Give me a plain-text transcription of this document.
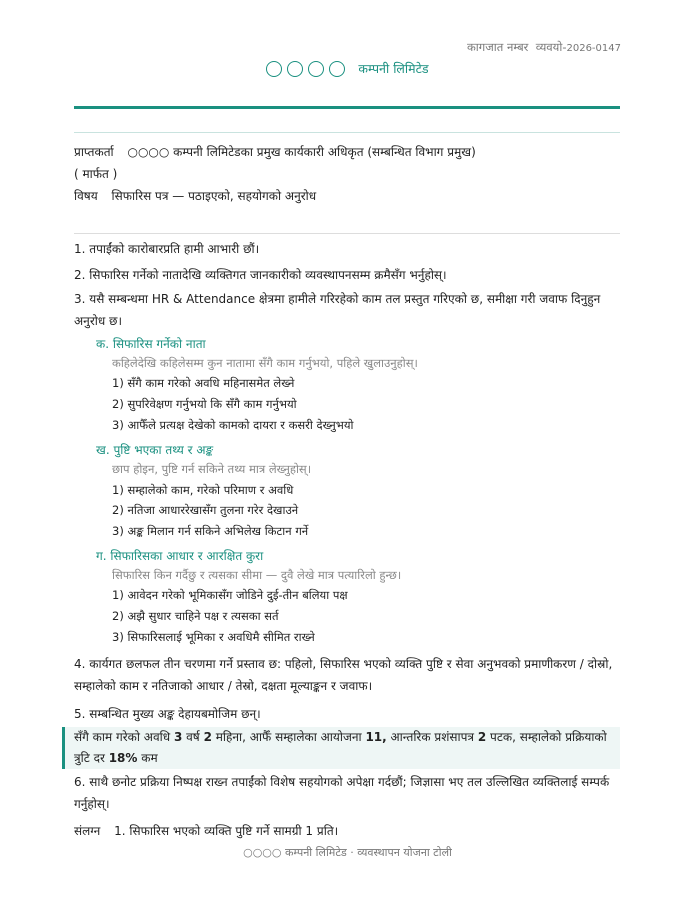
कागजात नम्बर व्यवयो-2026-0147
कम्पनी लिमिटेड
प्राप्तकर्ता ○○○○ कम्पनी लिमिटेडका प्रमुख कार्यकारी अधिकृत (सम्बन्धित विभाग प्रमुख)
( मार्फत )
विषय सिफारिस पत्र — पठाइएको, सहयोगको अनुरोध
1. तपाईंको कारोबारप्रति हामी आभारी छौं।
2. सिफारिस गर्नेको नातादेखि व्यक्तिगत जानकारीको व्यवस्थापनसम्म क्रमैसँग भर्नुहोस्।
3. यसै सम्बन्धमा HR & Attendance क्षेत्रमा हामीले गरिरहेको काम तल प्रस्तुत गरिएको छ, समीक्षा गरी जवाफ दिनुहुन अनुरोध छ।
क. सिफारिस गर्नेको नाता
कहिलेदेखि कहिलेसम्म कुन नातामा सँगै काम गर्नुभयो, पहिले खुलाउनुहोस्।
1) सँगै काम गरेको अवधि महिनासमेत लेख्ने
2) सुपरिवेक्षण गर्नुभयो कि सँगै काम गर्नुभयो
3) आफैँले प्रत्यक्ष देखेको कामको दायरा र कसरी देख्नुभयो
ख. पुष्टि भएका तथ्य र अङ्क
छाप होइन, पुष्टि गर्न सकिने तथ्य मात्र लेख्नुहोस्।
1) सम्हालेको काम, गरेको परिमाण र अवधि
2) नतिजा आधाररेखासँग तुलना गरेर देखाउने
3) अङ्क मिलान गर्न सकिने अभिलेख किटान गर्ने
ग. सिफारिसका आधार र आरक्षित कुरा
सिफारिस किन गर्दैछु र त्यसका सीमा — दुवै लेखे मात्र पत्यारिलो हुन्छ।
1) आवेदन गरेको भूमिकासँग जोडिने दुई-तीन बलिया पक्ष
2) अझै सुधार चाहिने पक्ष र त्यसका सर्त
3) सिफारिसलाई भूमिका र अवधिमै सीमित राख्ने
4. कार्यगत छलफल तीन चरणमा गर्ने प्रस्ताव छ: पहिलो, सिफारिस भएको व्यक्ति पुष्टि र सेवा अनुभवको प्रमाणीकरण / दोस्रो, सम्हालेको काम र नतिजाको आधार / तेस्रो, दक्षता मूल्याङ्कन र जवाफ।
5. सम्बन्धित मुख्य अङ्क देहायबमोजिम छन्।
सँगै काम गरेको अवधि 3 वर्ष 2 महिना, आफैँ सम्हालेका आयोजना 11, आन्तरिक प्रशंसापत्र 2 पटक, सम्हालेको प्रक्रियाको त्रुटि दर 18% कम
6. साथै छनोट प्रक्रिया निष्पक्ष राख्न तपाईंको विशेष सहयोगको अपेक्षा गर्दछौं; जिज्ञासा भए तल उल्लिखित व्यक्तिलाई सम्पर्क गर्नुहोस्।
संलग्न 1. सिफारिस भएको व्यक्ति पुष्टि गर्ने सामग्री 1 प्रति।
○○○○ कम्पनी लिमिटेड · व्यवस्थापन योजना टोली
